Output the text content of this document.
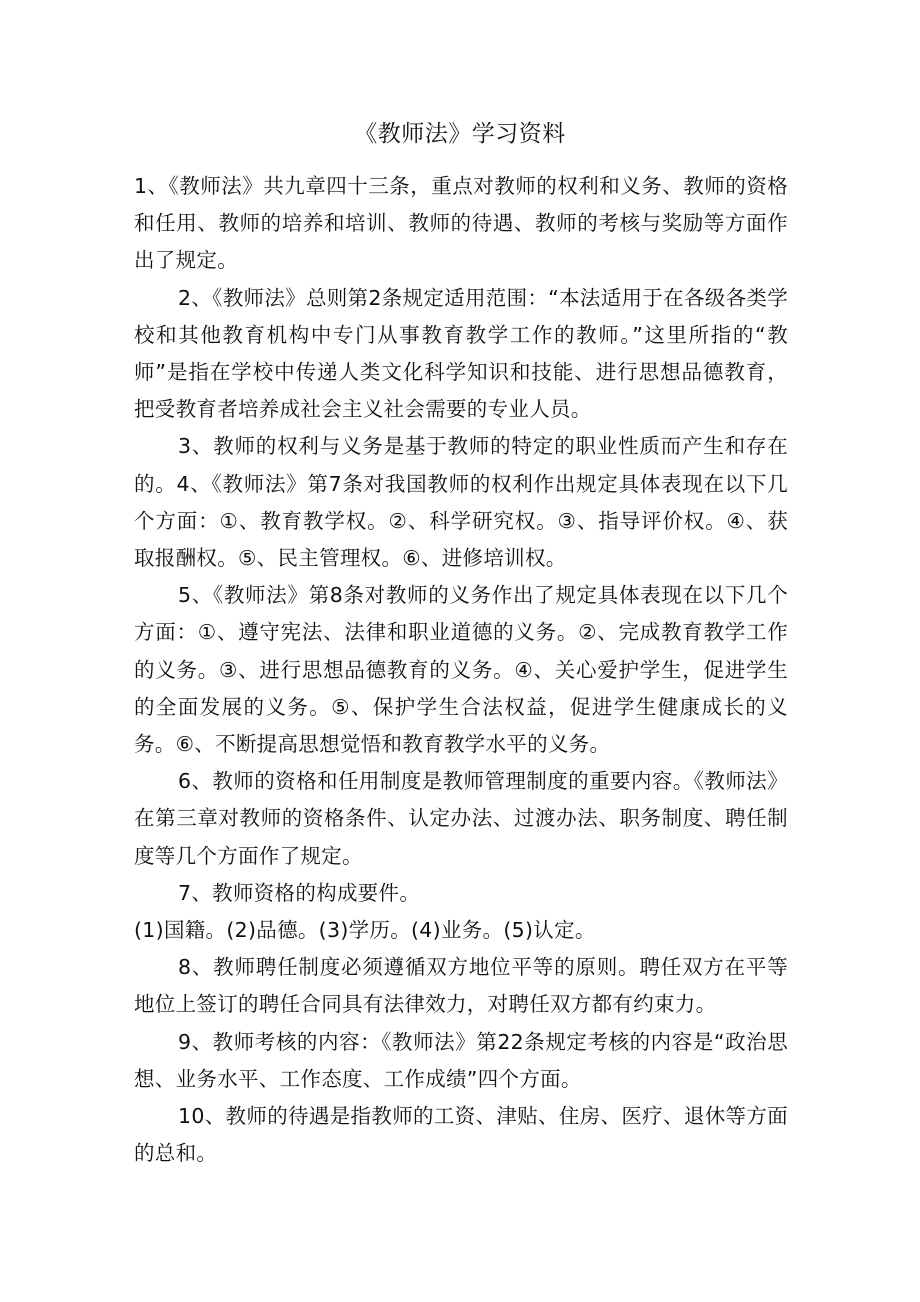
《教师法》学习资料

1、《教师法》共九章四十三条，重点对教师的权利和义务、教师的资格和任用、教师的培养和培训、教师的待遇、教师的考核与奖励等方面作出了规定。

2、《教师法》总则第2条规定适用范围：“本法适用于在各级各类学校和其他教育机构中专门从事教育教学工作的教师。”这里所指的“教师”是指在学校中传递人类文化科学知识和技能、进行思想品德教育，把受教育者培养成社会主义社会需要的专业人员。

3、教师的权利与义务是基于教师的特定的职业性质而产生和存在的。4、《教师法》第7条对我国教师的权利作出规定具体表现在以下几个方面：①、教育教学权。②、科学研究权。③、指导评价权。④、获取报酬权。⑤、民主管理权。⑥、进修培训权。

5、《教师法》第8条对教师的义务作出了规定具体表现在以下几个方面：①、遵守宪法、法律和职业道德的义务。②、完成教育教学工作的义务。③、进行思想品德教育的义务。④、关心爱护学生，促进学生的全面发展的义务。⑤、保护学生合法权益，促进学生健康成长的义务。⑥、不断提高思想觉悟和教育教学水平的义务。

6、教师的资格和任用制度是教师管理制度的重要内容。《教师法》在第三章对教师的资格条件、认定办法、过渡办法、职务制度、聘任制度等几个方面作了规定。

7、教师资格的构成要件。

(1)国籍。(2)品德。(3)学历。(4)业务。(5)认定。

8、教师聘任制度必须遵循双方地位平等的原则。聘任双方在平等地位上签订的聘任合同具有法律效力，对聘任双方都有约束力。

9、教师考核的内容：《教师法》第22条规定考核的内容是“政治思想、业务水平、工作态度、工作成绩”四个方面。

10、教师的待遇是指教师的工资、津贴、住房、医疗、退休等方面的总和。
